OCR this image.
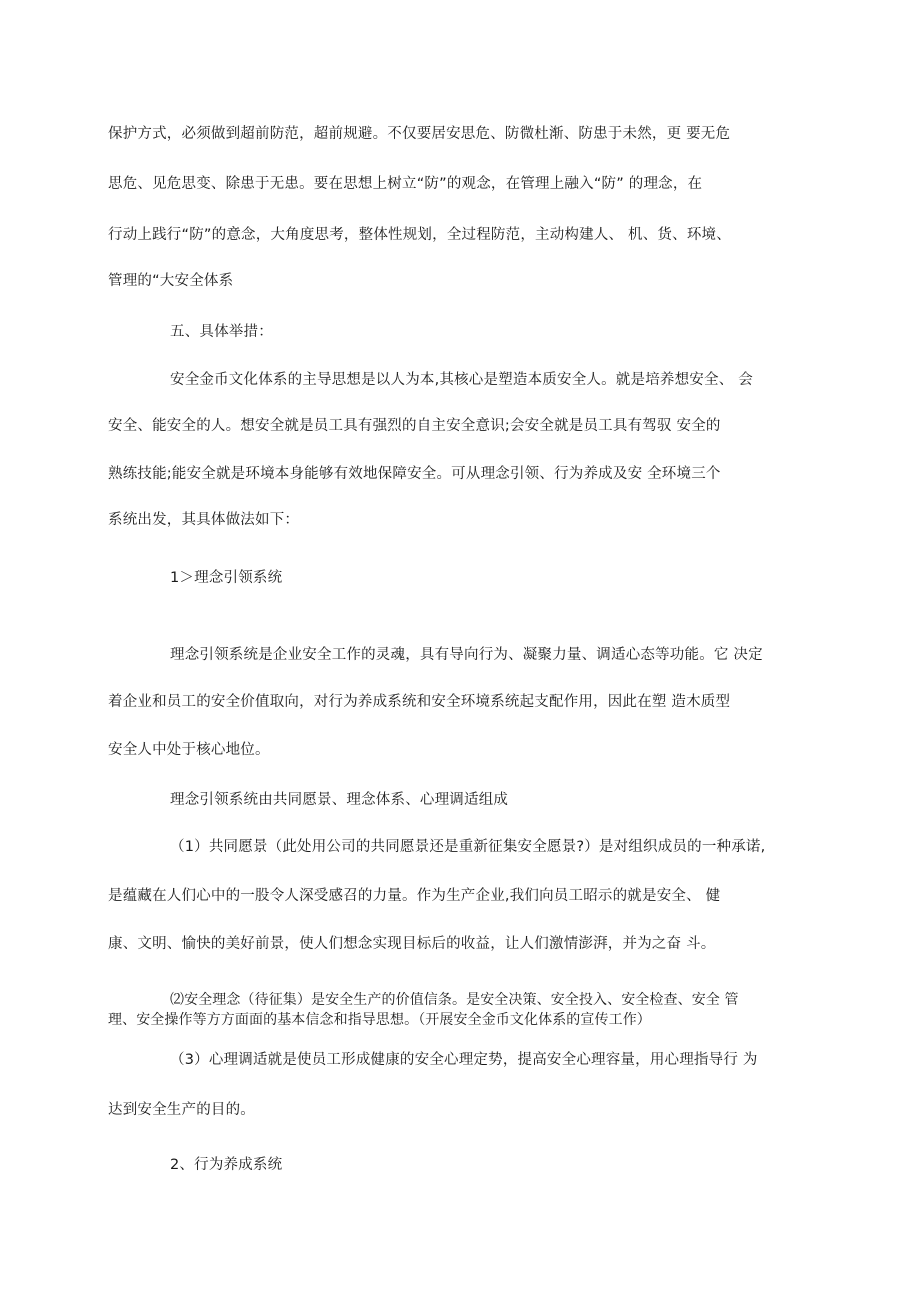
保护方式，必须做到超前防范，超前规避。不仅要居安思危、防微杜渐、防患于未然，更 要无危
思危、见危思变、除患于无患。要在思想上树立“防”的观念，在管理上融入“防” 的理念，在
行动上践行“防”的意念，大角度思考，整体性规划，全过程防范，主动构建人、 机、货、环境、
管理的“大安全体系
五、具体举措：
安全金币文化体系的主导思想是以人为本,其核心是塑造本质安全人。就是培养想安全、 会
安全、能安全的人。想安全就是员工具有强烈的自主安全意识;会安全就是员工具有驾驭 安全的
熟练技能;能安全就是环境本身能够有效地保障安全。可从理念引领、行为养成及安 全环境三个
系统出发，其具体做法如下：
1＞理念引领系统
理念引领系统是企业安全工作的灵魂，具有导向行为、凝聚力量、调适心态等功能。它 决定
着企业和员工的安全价值取向，对行为养成系统和安全环境系统起支配作用，因此在塑 造木质型
安全人中处于核心地位。
理念引领系统由共同愿景、理念体系、心理调适组成
（1）共同愿景（此处用公司的共同愿景还是重新征集安全愿景?）是对组织成员的一种承诺,
是蕴藏在人们心中的一股令人深受感召的力量。作为生产企业,我们向员工昭示的就是安全、 健
康、文明、愉快的美好前景，使人们想念实现目标后的收益，让人们激情澎湃，并为之奋 斗。
⑵安全理念（待征集）是安全生产的价值信条。是安全决策、安全投入、安全检查、安全 管
理、安全操作等方方面面的基本信念和指导思想。（开展安全金币文化体系的宣传工作）
（3）心理调适就是使员工形成健康的安全心理定势，提高安全心理容量，用心理指导行 为
达到安全生产的目的。
2、行为养成系统
